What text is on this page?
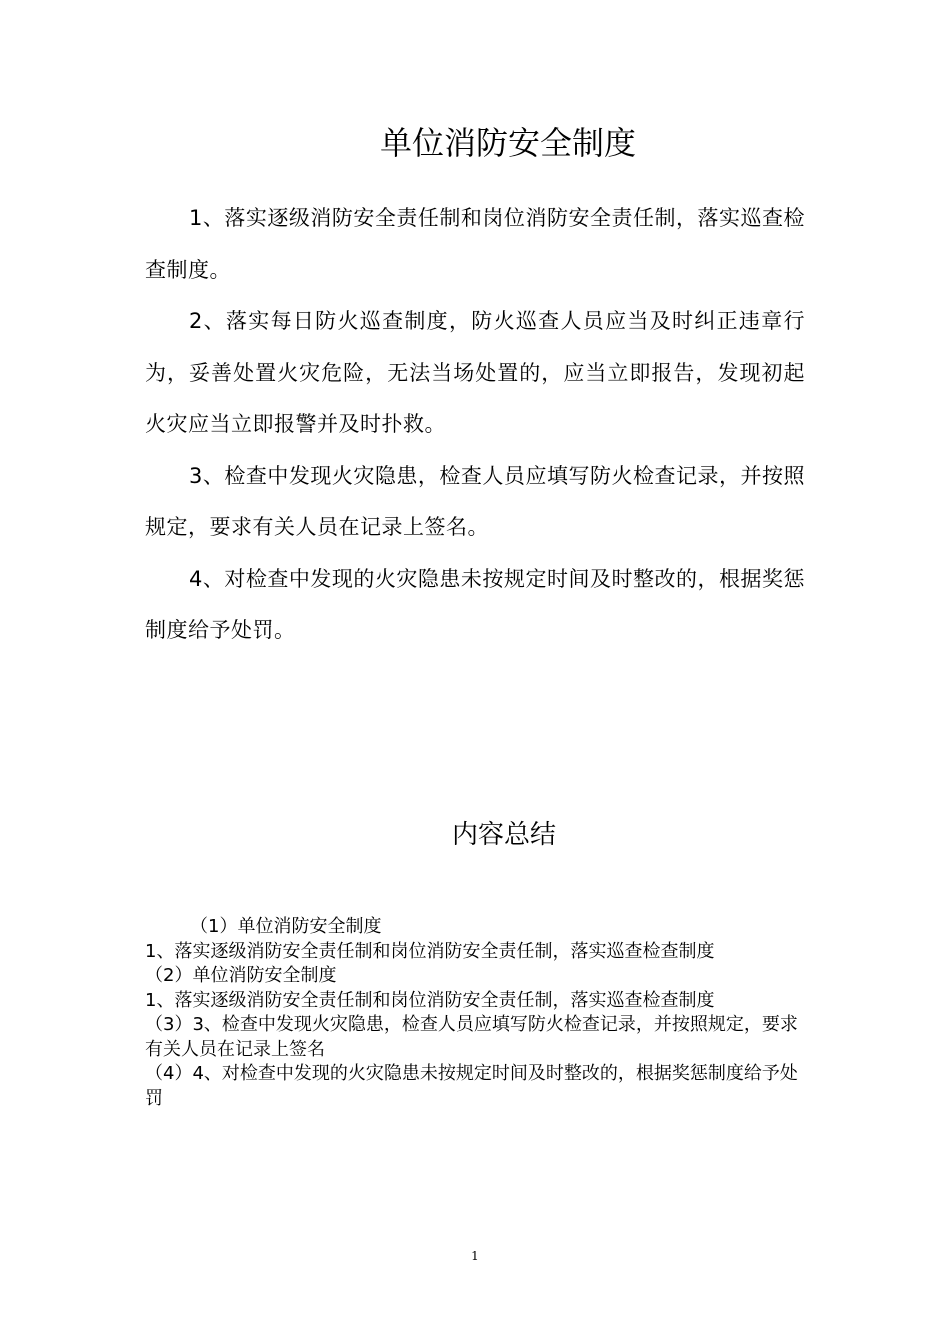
单位消防安全制度

1、落实逐级消防安全责任制和岗位消防安全责任制，落实巡查检查制度。

2、落实每日防火巡查制度，防火巡查人员应当及时纠正违章行为，妥善处置火灾危险，无法当场处置的，应当立即报告，发现初起火灾应当立即报警并及时扑救。

3、检查中发现火灾隐患，检查人员应填写防火检查记录，并按照规定，要求有关人员在记录上签名。

4、对检查中发现的火灾隐患未按规定时间及时整改的，根据奖惩制度给予处罚。

内容总结

（1）单位消防安全制度

1、落实逐级消防安全责任制和岗位消防安全责任制，落实巡查检查制度

（2）单位消防安全制度

1、落实逐级消防安全责任制和岗位消防安全责任制，落实巡查检查制度

（3）3、检查中发现火灾隐患，检查人员应填写防火检查记录，并按照规定，要求有关人员在记录上签名

（4）4、对检查中发现的火灾隐患未按规定时间及时整改的，根据奖惩制度给予处罚

1
